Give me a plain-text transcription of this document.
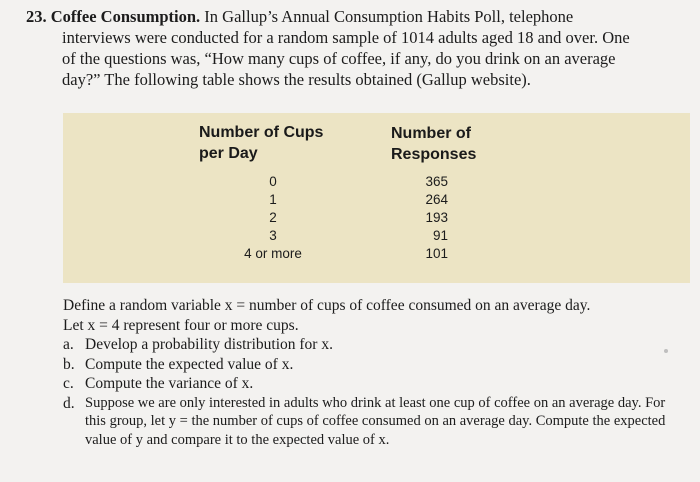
23. Coffee Consumption. In Gallup’s Annual Consumption Habits Poll, telephone
interviews were conducted for a random sample of 1014 adults aged 18 and over. One
of the questions was, “How many cups of coffee, if any, do you drink on an average
day?” The following table shows the results obtained (Gallup website).
Number of Cups
per Day
Number of
Responses
0
1
2
3
4 or more
365
264
193
91
101
Define a random variable x = number of cups of coffee consumed on an average day.
Let x = 4 represent four or more cups.
a. Develop a probability distribution for x.
b. Compute the expected value of x.
c. Compute the variance of x.
d. Suppose we are only interested in adults who drink at least one cup of coffee on an average day. For this group, let y = the number of cups of coffee consumed on an average day. Compute the expected value of y and compare it to the expected value of x.
